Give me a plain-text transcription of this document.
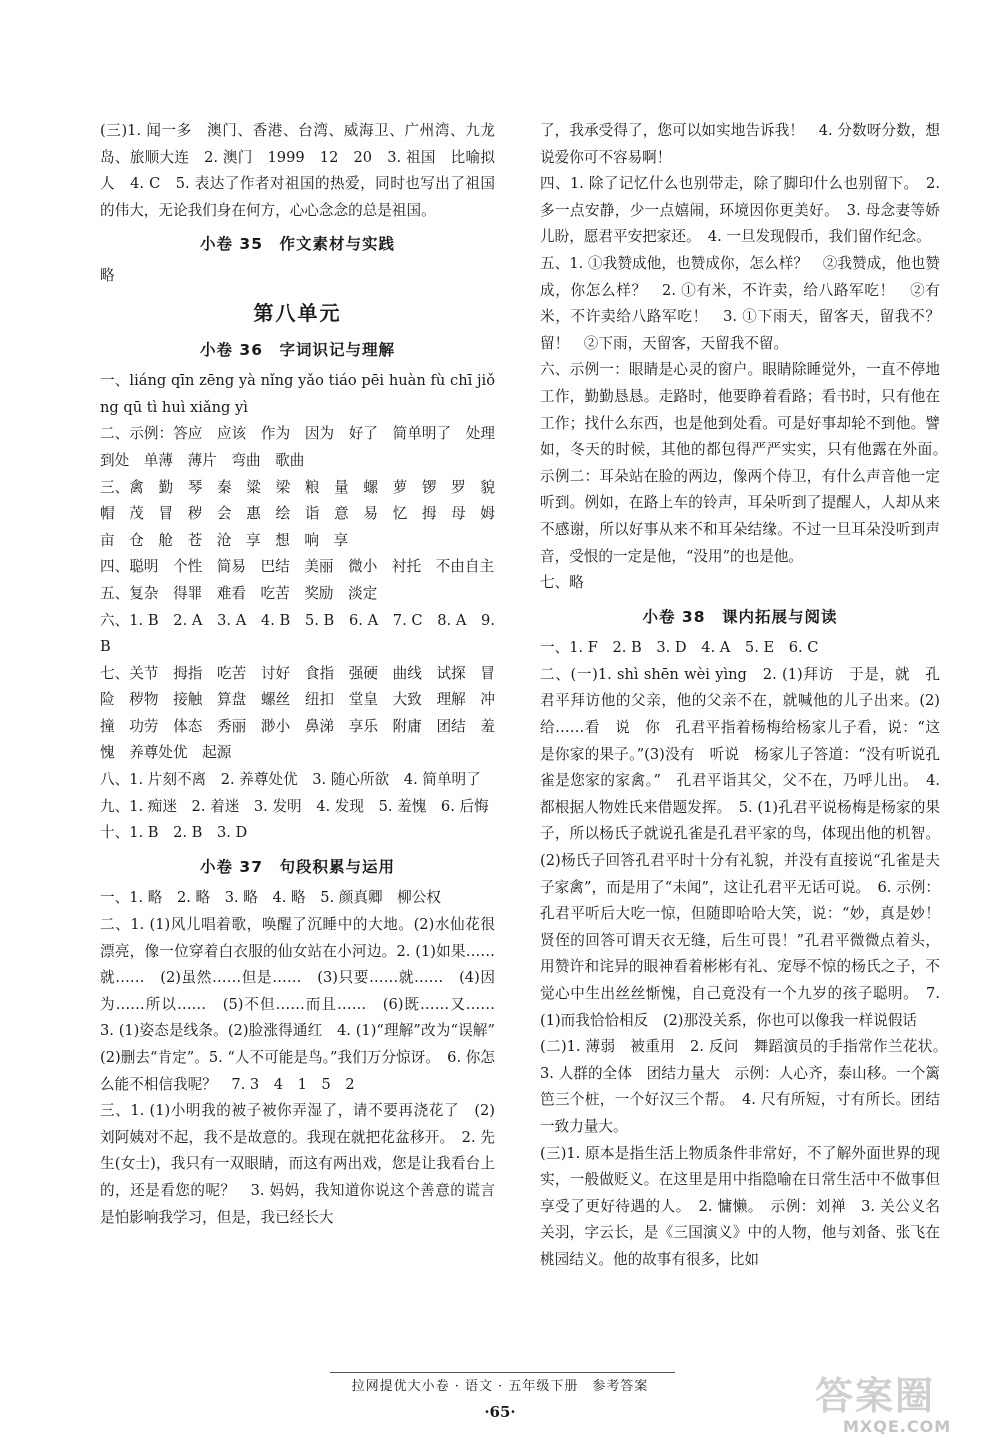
(三)1. 闻一多　澳门、香港、台湾、威海卫、广州湾、九龙岛、旅顺大连　2. 澳门　1999　12　20　3. 祖国　比喻拟人　4. C　5. 表达了作者对祖国的热爱，同时也写出了祖国的伟大，无论我们身在何方，心心念念的总是祖国。

小卷 35　作文素材与实践

略

第八单元
小卷 36　字词识记与理解

一、liáng qīn zēng yà nǐng yǎo tiáo pēi huàn fù chī jiǒng qū tì huì xiǎng yì

二、示例：答应　应该　作为　因为　好了　简单明了　处理　到处　单薄　薄片　弯曲　歌曲

三、禽　勤　琴　秦　粱　梁　粮　量　螺　萝　锣　罗　貌　帽　茂　冒　秽　会　惠　绘　诣　意　易　忆　拇　母　姆　亩　仓　舱　苍　沧　享　想　响　享

四、聪明　个性　简易　巴结　美丽　微小　衬托　不由自主

五、复杂　得罪　难看　吃苦　奖励　淡定

六、1. B　2. A　3. A　4. B　5. B　6. A　7. C　8. A　9. B

七、关节　拇指　吃苦　讨好　食指　强硬　曲线　试探　冒险　秽物　接触　算盘　螺丝　纽扣　堂皇　大致　理解　冲撞　功劳　体态　秀丽　渺小　鼻涕　享乐　附庸　团结　羞愧　养尊处优　起源

八、1. 片刻不离　2. 养尊处优　3. 随心所欲　4. 简单明了

九、1. 痴迷　2. 着迷　3. 发明　4. 发现　5. 羞愧　6. 后悔

十、1. B　2. B　3. D

小卷 37　句段积累与运用

一、1. 略　2. 略　3. 略　4. 略　5. 颜真卿　柳公权

二、1. (1)风儿唱着歌，唤醒了沉睡中的大地。(2)水仙花很漂亮，像一位穿着白衣服的仙女站在小河边。2. (1)如果……就……　(2)虽然……但是……　(3)只要……就……　(4)因为……所以……　(5)不但……而且……　(6)既……又……　3. (1)姿态是线条。(2)脸涨得通红　4. (1)“理解”改为“误解”　(2)删去“肯定”。5. “人不可能是鸟。”我们万分惊讶。　6. 你怎么能不相信我呢？　7. 3　4　1　5　2

三、1. (1)小明我的被子被你弄湿了，请不要再浇花了　(2)刘阿姨对不起，我不是故意的。我现在就把花盆移开。　2. 先生(女士)，我只有一双眼睛，而这有两出戏，您是让我看台上的，还是看您的呢？　3. 妈妈，我知道你说这个善意的谎言是怕影响我学习，但是，我已经长大

了，我承受得了，您可以如实地告诉我！　4. 分数呀分数，想说爱你可不容易啊！

四、1. 除了记忆什么也别带走，除了脚印什么也别留下。　2. 多一点安静，少一点嬉闹，环境因你更美好。　3. 母念妻等娇儿盼，愿君平安把家还。　4. 一旦发现假币，我们留作纪念。

五、1. ①我赞成他，也赞成你，怎么样？　②我赞成，他也赞成，你怎么样？　2. ①有米，不许卖，给八路军吃！　②有米，不许卖给八路军吃！　3. ①下雨天，留客天，留我不？留！　②下雨，天留客，天留我不留。

六、示例一：眼睛是心灵的窗户。眼睛除睡觉外，一直不停地工作，勤勤恳恳。走路时，他要睁着看路；看书时，只有他在工作；找什么东西，也是他到处看。可是好事却轮不到他。譬如，冬天的时候，其他的都包得严严实实，只有他露在外面。　示例二：耳朵站在脸的两边，像两个侍卫，有什么声音他一定听到。例如，在路上车的铃声，耳朵听到了提醒人，人却从来不感谢，所以好事从来不和耳朵结缘。不过一旦耳朵没听到声音，受恨的一定是他，“没用”的也是他。

七、略

小卷 38　课内拓展与阅读

一、1. F　2. B　3. D　4. A　5. E　6. C

二、(一)1. shì shēn wèi yìng　2. (1)拜访　于是，就　孔君平拜访他的父亲，他的父亲不在，就喊他的儿子出来。(2)给……看　说　你　孔君平指着杨梅给杨家儿子看，说：“这是你家的果子。”(3)没有　听说　杨家儿子答道：“没有听说孔雀是您家的家禽。”　孔君平诣其父，父不在，乃呼儿出。　4. 都根据人物姓氏来借题发挥。　5. (1)孔君平说杨梅是杨家的果子，所以杨氏子就说孔雀是孔君平家的鸟，体现出他的机智。(2)杨氏子回答孔君平时十分有礼貌，并没有直接说“孔雀是夫子家禽”，而是用了“未闻”，这让孔君平无话可说。　6. 示例：孔君平听后大吃一惊，但随即哈哈大笑，说：“妙，真是妙！贤侄的回答可谓天衣无缝，后生可畏！”孔君平微微点着头，用赞许和诧异的眼神看着彬彬有礼、宠辱不惊的杨氏之子，不觉心中生出丝丝惭愧，自己竟没有一个九岁的孩子聪明。　7. (1)而我恰恰相反　(2)那没关系，你也可以像我一样说假话

(二)1. 薄弱　被重用　2. 反问　舞蹈演员的手指常作兰花状。　3. 人群的全体　团结力量大　示例：人心齐，泰山移。一个篱笆三个桩，一个好汉三个帮。　4. 尺有所短，寸有所长。团结一致力量大。

(三)1. 原本是指生活上物质条件非常好，不了解外面世界的现实，一般做贬义。在这里是用中指隐喻在日常生活中不做事但享受了更好待遇的人。　2. 慵懒。　示例：刘禅　3. 关公义名关羽，字云长，是《三国演义》中的人物，他与刘备、张飞在桃园结义。他的故事有很多，比如

拉网提优大小卷 · 语文 · 五年级下册　参考答案
·65·	答案圈
MXQE.COM
